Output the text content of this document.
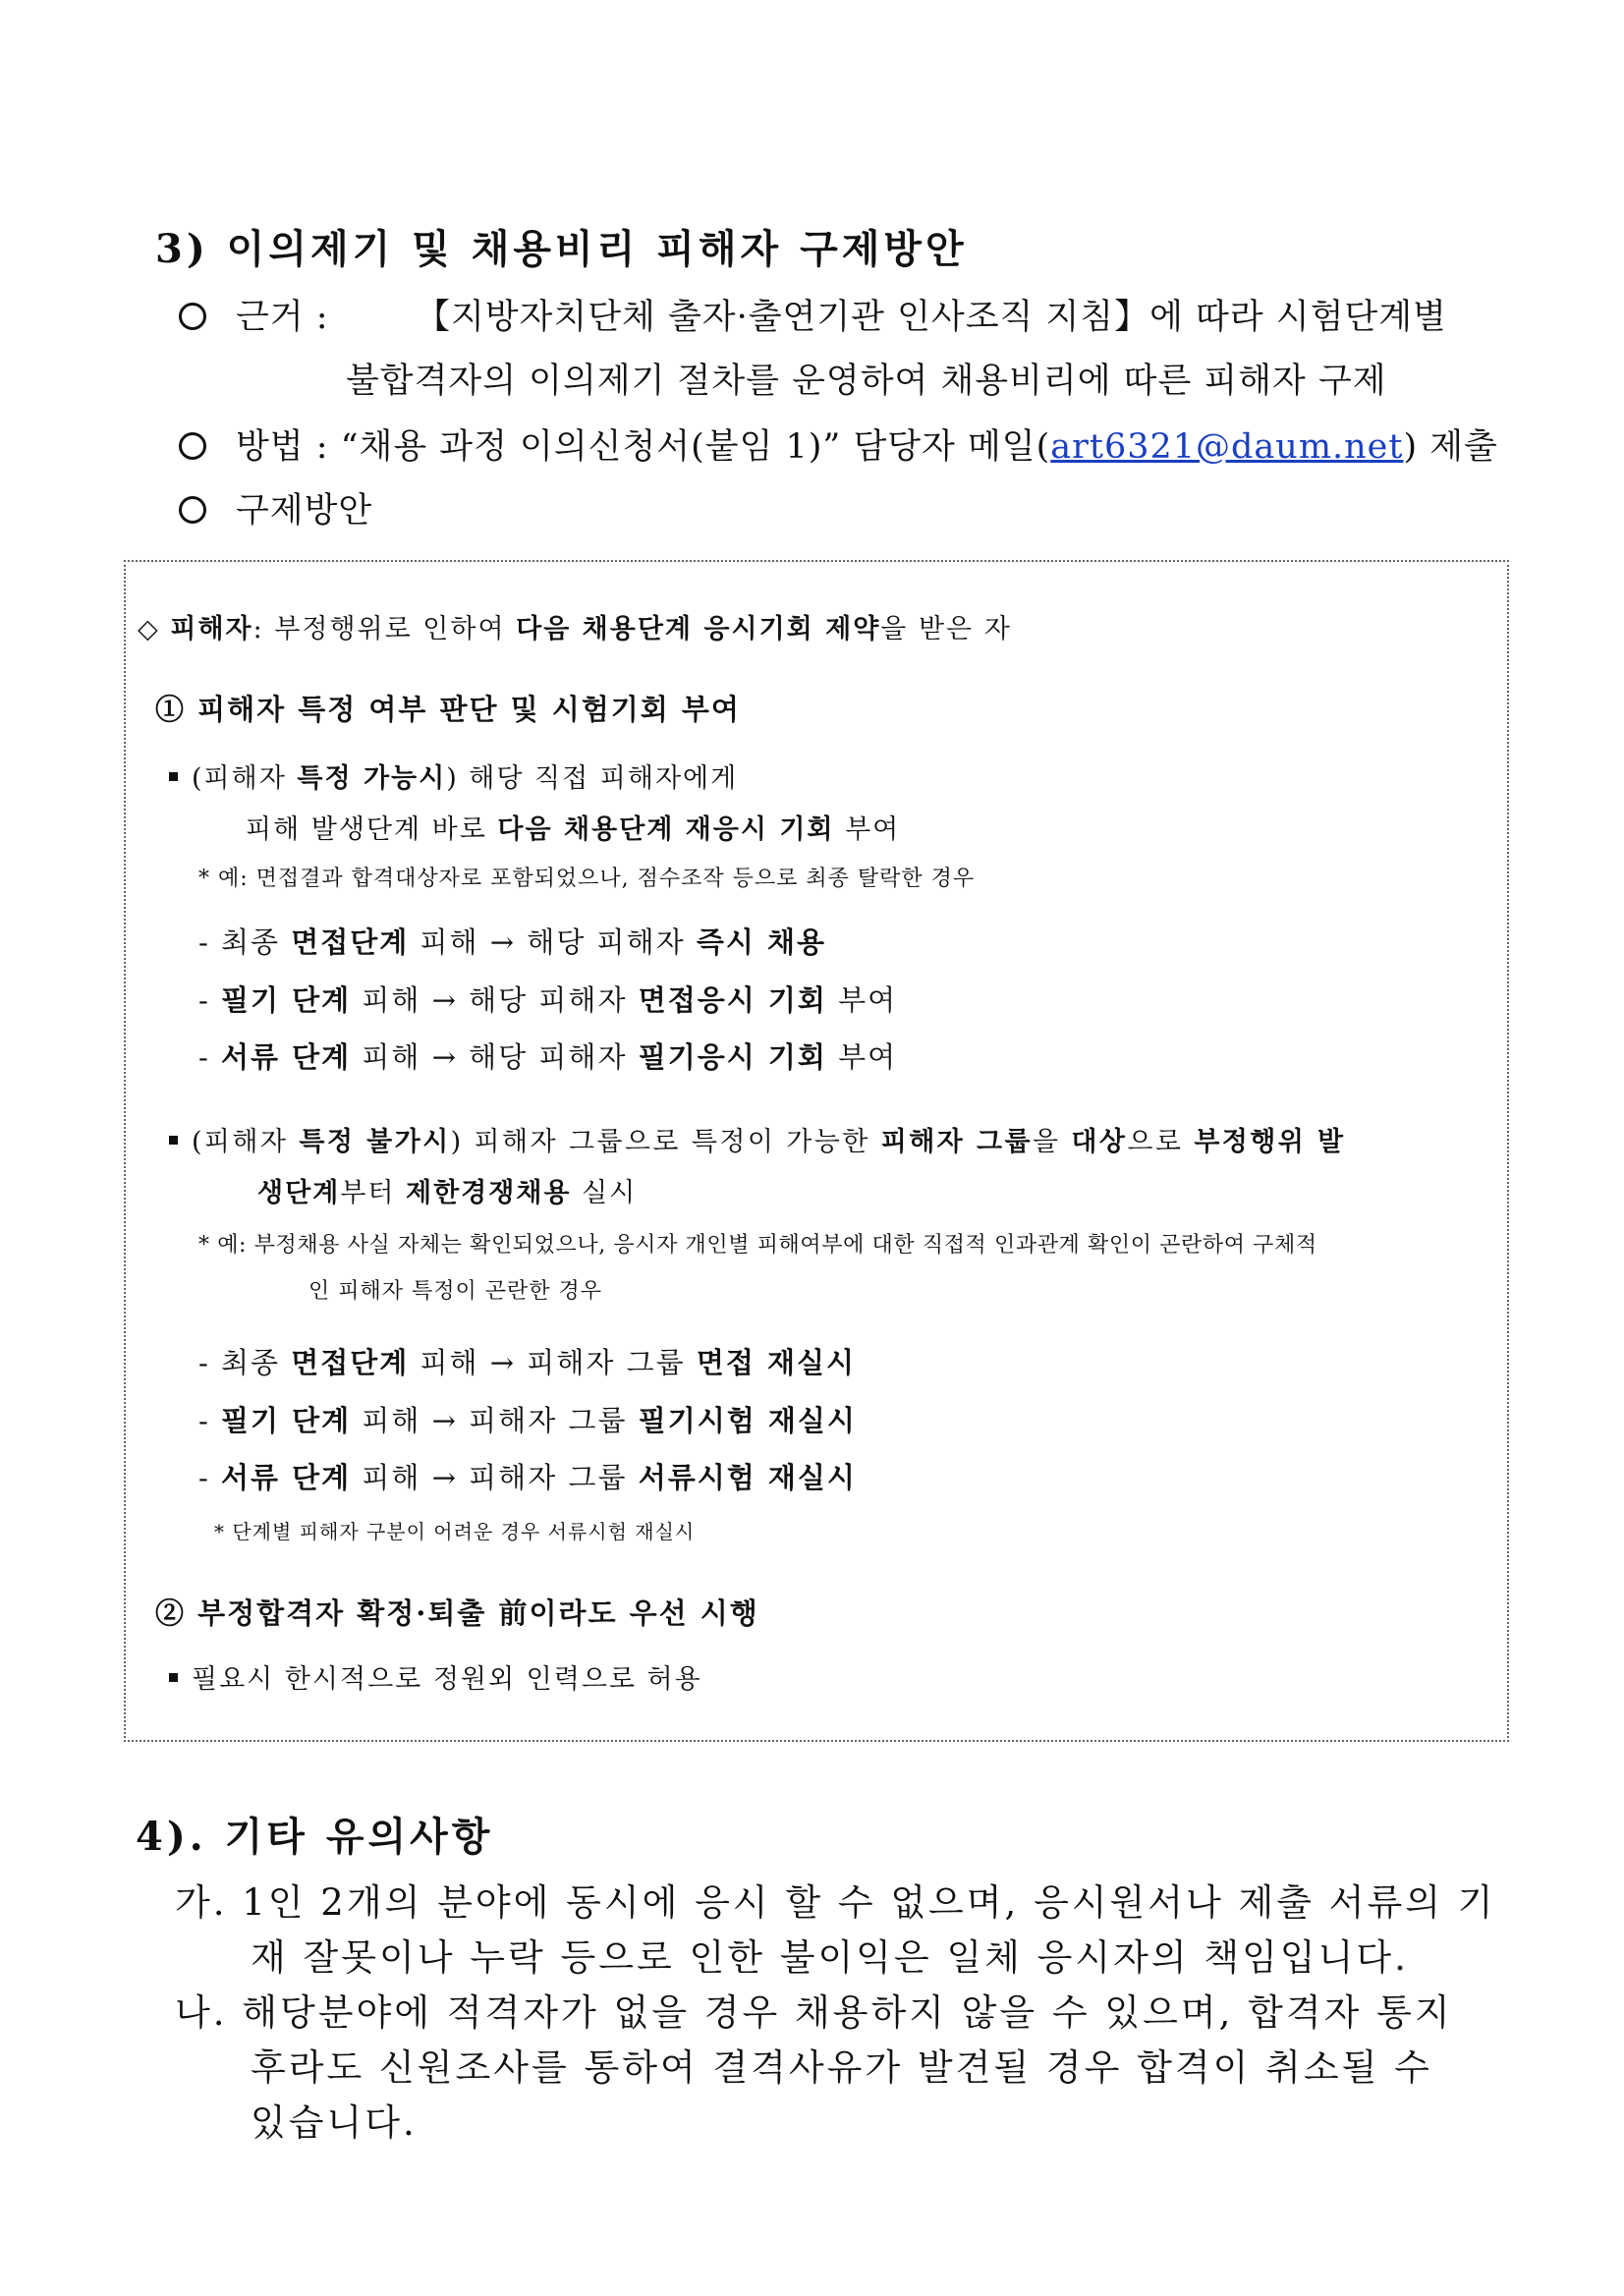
3) 이의제기 및 채용비리 피해자 구제방안
근거 :	【지방자치단체 출자·출연기관 인사조직 지침】에 따라 시험단계별
불합격자의 이의제기 절차를 운영하여 채용비리에 따른 피해자 구제
방법 : “채용 과정 이의신청서(붙임 1)” 담당자 메일(art6321@daum.net) 제출
구제방안
◇ 피해자: 부정행위로 인하여 다음 채용단계 응시기회 제약을 받은 자
① 피해자 특정 여부 판단 및 시험기회 부여
(피해자 특정 가능시) 해당 직접 피해자에게
피해 발생단계 바로 다음 채용단계 재응시 기회 부여
* 예: 면접결과 합격대상자로 포함되었으나, 점수조작 등으로 최종 탈락한 경우
- 최종 면접단계 피해 → 해당 피해자 즉시 채용
- 필기 단계 피해 → 해당 피해자 면접응시 기회 부여
- 서류 단계 피해 → 해당 피해자 필기응시 기회 부여
(피해자 특정 불가시) 피해자 그룹으로 특정이 가능한 피해자 그룹을 대상으로 부정행위 발
생단계부터 제한경쟁채용 실시
* 예: 부정채용 사실 자체는 확인되었으나, 응시자 개인별 피해여부에 대한 직접적 인과관계 확인이 곤란하여 구체적
인 피해자 특정이 곤란한 경우
- 최종 면접단계 피해 → 피해자 그룹 면접 재실시
- 필기 단계 피해 → 피해자 그룹 필기시험 재실시
- 서류 단계 피해 → 피해자 그룹 서류시험 재실시
* 단계별 피해자 구분이 어려운 경우 서류시험 재실시
② 부정합격자 확정·퇴출 前이라도 우선 시행
필요시 한시적으로 정원외 인력으로 허용
4). 기타 유의사항
가. 1인 2개의 분야에 동시에 응시 할 수 없으며, 응시원서나 제출 서류의 기
재 잘못이나 누락 등으로 인한 불이익은 일체 응시자의 책임입니다.
나. 해당분야에 적격자가 없을 경우 채용하지 않을 수 있으며, 합격자 통지
후라도 신원조사를 통하여 결격사유가 발견될 경우 합격이 취소될 수
있습니다.
